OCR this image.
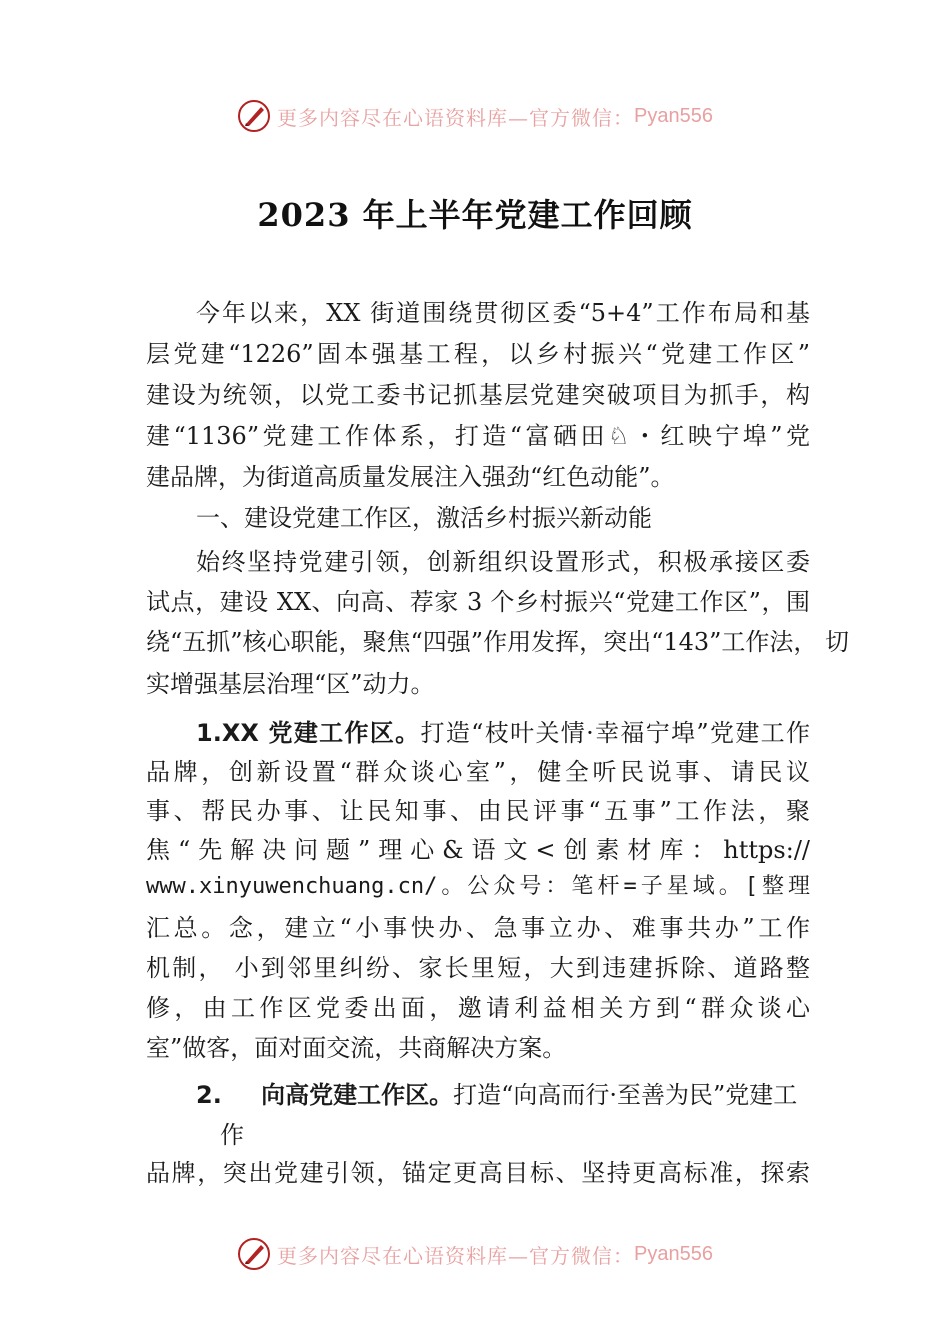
更多内容尽在心语资料库—官方微信： Pyan556
2023 年上半年党建工作回顾
今年以来，XX 街道围绕贯彻区委“5+4”工作布局和基
层党建“1226”固本强基工程，以乡村振兴“党建工作区”
建设为统领，以党工委书记抓基层党建突破项目为抓手，构
建“1136”党建工作体系，打造“富硒田♘・红映宁埠”党
建品牌，为街道高质量发展注入强劲“红色动能”。
一、建设党建工作区，激活乡村振兴新动能
始终坚持党建引领，创新组织设置形式，积极承接区委
试点，建设 XX、向高、荐家 3 个乡村振兴“党建工作区”，围
绕“五抓”核心职能，聚焦“四强”作用发挥，突出“143”工作法， 切
实增强基层治理“区”动力。
1.XX 党建工作区。打造“枝叶关情·幸福宁埠”党建工作
品牌，创新设置“群众谈心室”，健全听民说事、请民议
事、帮民办事、让民知事、由民评事“五事”工作法，聚
焦“先解决问题”理心&语文<创素材库：https://
www.xinyuwenchuang.cn/。公众号：笔杆=子星域。[整理
汇总。念，建立“小事快办、急事立办、难事共办”工作
机制， 小到邻里纠纷、家长里短，大到违建拆除、道路整
修，由工作区党委出面，邀请利益相关方到“群众谈心
室”做客，面对面交流，共商解决方案。
2. 向高党建工作区。打造“向高而行·至善为民”党建工
作
品牌，突出党建引领，锚定更高目标、坚持更高标准，探索
更多内容尽在心语资料库—官方微信： Pyan556
